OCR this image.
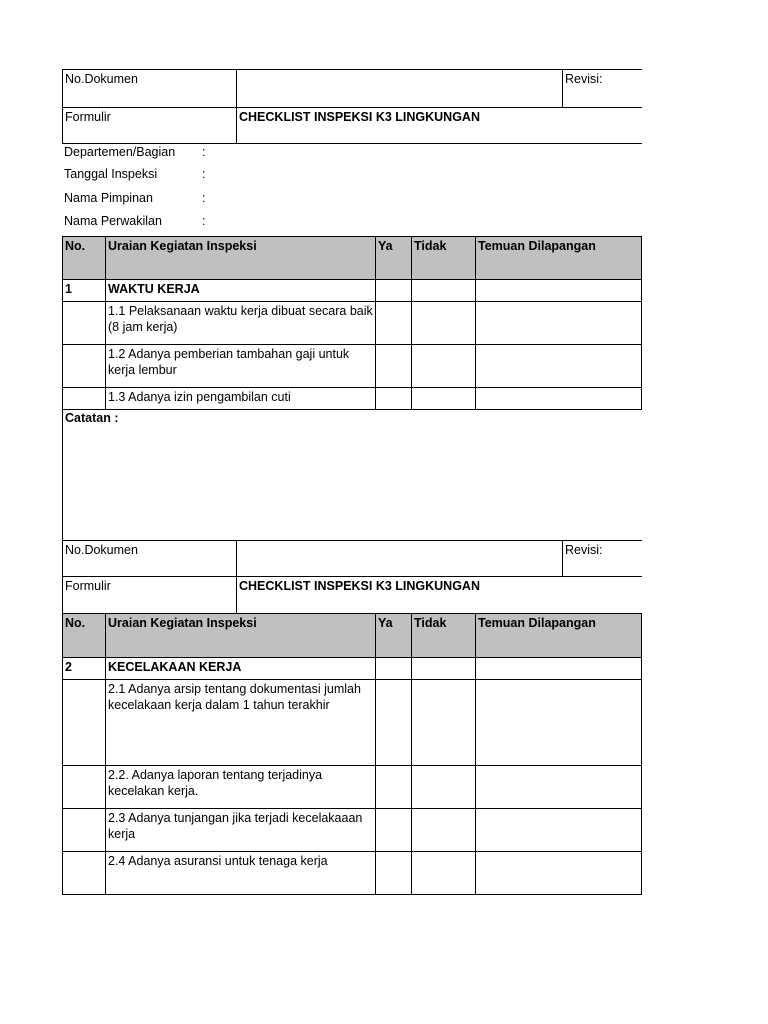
No.Dokumen		Revisi:
Formulir	CHECKLIST INSPEKSI K3 LINGKUNGAN	
Departemen/Bagian :
Tanggal Inspeksi	:
Nama Pimpinan	:
Nama Perwakilan	:
No.	Uraian Kegiatan Inspeksi	Ya	Tidak	Temuan Dilapangan
1	WAKTU KERJA			
	1.1 Pelaksanaan waktu kerja dibuat secara baik (8 jam kerja)			
	1.2 Adanya pemberian tambahan gaji untuk kerja lembur			
	1.3 Adanya izin pengambilan cuti			
Catatan :
No.Dokumen		Revisi:
Formulir	CHECKLIST INSPEKSI K3 LINGKUNGAN	
No.	Uraian Kegiatan Inspeksi	Ya	Tidak	Temuan Dilapangan
2	KECELAKAAN KERJA			
	2.1 Adanya arsip tentang dokumentasi jumlah kecelakaan kerja dalam 1 tahun terakhir			
	2.2. Adanya laporan tentang terjadinya kecelakan kerja.			
	2.3 Adanya tunjangan jika terjadi kecelakaaan kerja			
	2.4 Adanya asuransi untuk tenaga kerja			
